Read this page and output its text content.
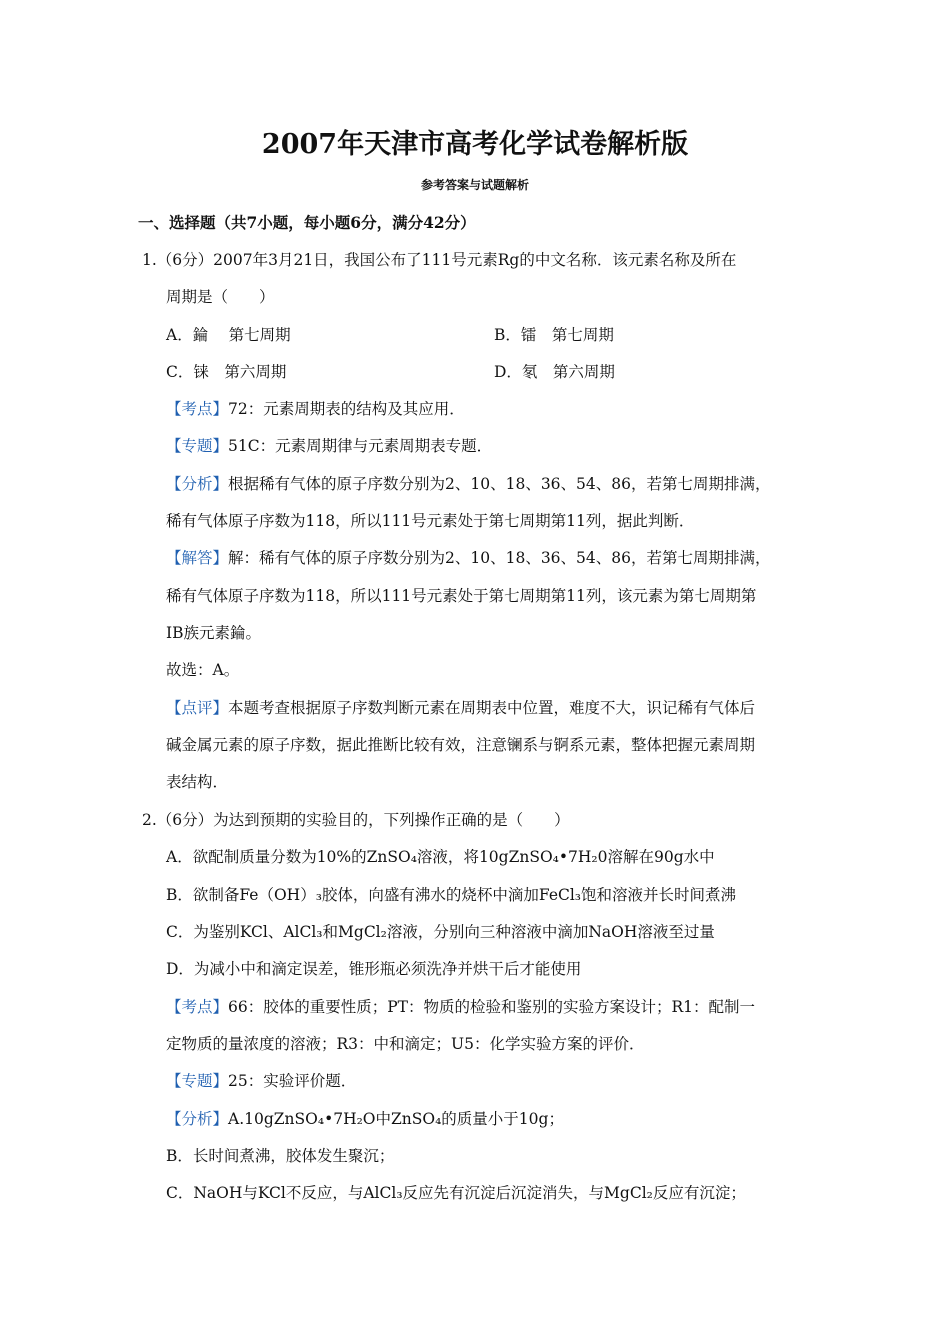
2007年天津市高考化学试卷解析版
参考答案与试题解析
一、选择题（共7小题，每小题6分，满分42分）
1.（6分）2007年3月21日，我国公布了111号元素Rg的中文名称．该元素名称及所在
周期是（　　）
A．錀　 第七周期	B．镭　第七周期
C．铼　第六周期	D．氡　第六周期
【考点】72：元素周期表的结构及其应用．
【专题】51C：元素周期律与元素周期表专题．
【分析】根据稀有气体的原子序数分别为2、10、18、36、54、86，若第七周期排满，
稀有气体原子序数为118，所以111号元素处于第七周期第11列，据此判断．
【解答】解：稀有气体的原子序数分别为2、10、18、36、54、86，若第七周期排满，
稀有气体原子序数为118，所以111号元素处于第七周期第11列，该元素为第七周期第
ⅠB族元素錀。
故选：A。
【点评】本题考查根据原子序数判断元素在周期表中位置，难度不大，识记稀有气体后
碱金属元素的原子序数，据此推断比较有效，注意镧系与锕系元素，整体把握元素周期
表结构．
2.（6分）为达到预期的实验目的，下列操作正确的是（　　）
A．欲配制质量分数为10%的ZnSO₄溶液，将10gZnSO₄•7H₂0溶解在90g水中
B．欲制备Fe（OH）₃胶体，向盛有沸水的烧杯中滴加FeCl₃饱和溶液并长时间煮沸
C．为鉴别KCl、AlCl₃和MgCl₂溶液，分别向三种溶液中滴加NaOH溶液至过量
D．为减小中和滴定误差，锥形瓶必须洗净并烘干后才能使用
【考点】66：胶体的重要性质；PT：物质的检验和鉴别的实验方案设计；R1：配制一
定物质的量浓度的溶液；R3：中和滴定；U5：化学实验方案的评价．
【专题】25：实验评价题．
【分析】A.10gZnSO₄•7H₂O中ZnSO₄的质量小于10g；
B．长时间煮沸，胶体发生聚沉；
C．NaOH与KCl不反应，与AlCl₃反应先有沉淀后沉淀消失，与MgCl₂反应有沉淀；
